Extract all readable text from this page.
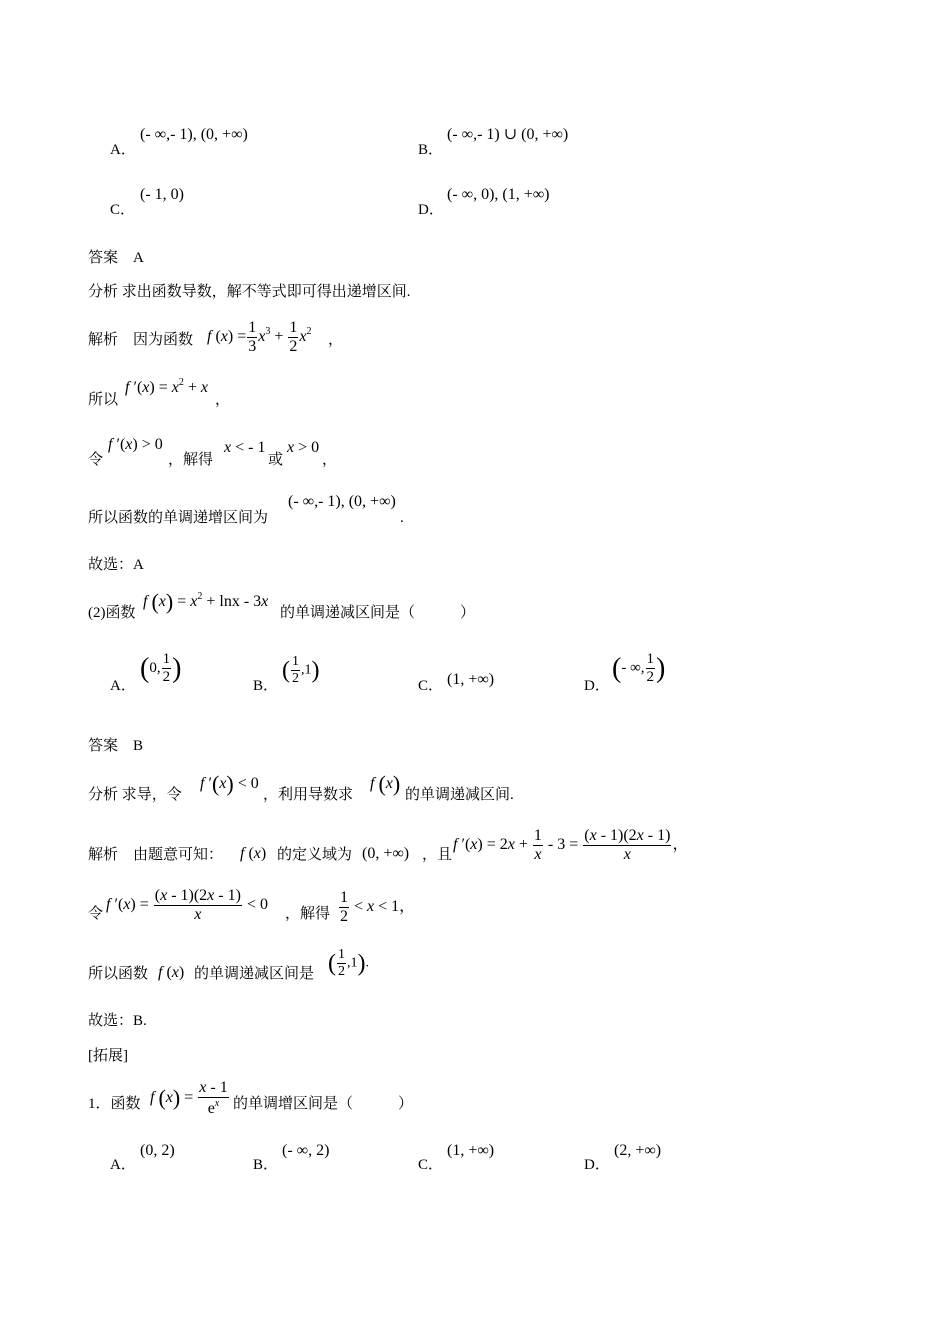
A．
(- ∞,- 1), (0, +∞)
B．
(- ∞,- 1) ∪ (0, +∞)
C．
(- 1, 0)
D．
(- ∞, 0), (1, +∞)
答案　A
分析 求出函数导数，解不等式即可得出递增区间.
解析　因为函数 f $(x) = \frac{1}{3} x^3 + \frac{1}{2} x^2$
，
所以
f $'(x) = x^2 + x$
，
令
f ′(x) > 0
，解得
x < - 1
或
x > 0
，
所以函数的单调递增区间为
(- ∞,- 1), (0, +∞)
.
故选：A
(2)函数
f $(x) = x^2 + \ln x - 3x$
的单调递减区间是（　　　）
A．
(0, $\frac{1}{2}$ )
B．
( $\frac{1}{2} ,1$)
C． (1, +∞)	D．
(- ∞, $\frac{1}{2}$ )
答案　B
分析 求导，令
f ′(x) < 0
，利用导数求
f (x) 的单调递减区间.
解析　由题意可知： f (x) 的定义域为 (0, +∞) ，且
f $'(x) = 2x + \frac{1}{x} - 3 = \frac{(x - 1)(2x - 1)}{x}$ ，
令
f $'(x) = \frac{(x - 1)(2x - 1)}{x} < 0$
，解得 $\frac{1}{2} < x < 1$，
所以函数 f (x) 的单调递减区间是 ( $\frac{1}{2} ,1$).
故选：B.
[拓展]
1．函数 f $(x) = \frac{x - 1}{e^x}$ 的单调增区间是（　　　）
A．
(0, 2)
B．
(- ∞, 2)
C．
(1, +∞)
D．
(2, +∞)
